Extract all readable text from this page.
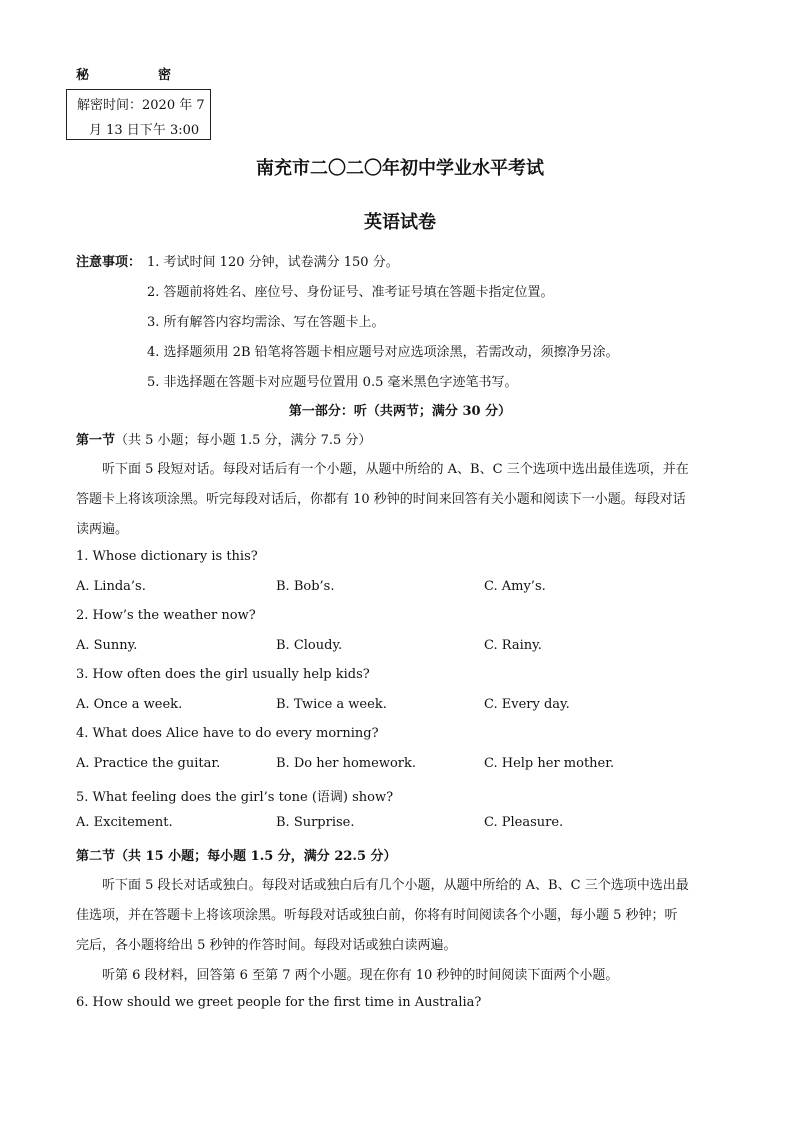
秘	密
解密时间：2020 年 7
月 13 日下午 3:00
南充市二〇二〇年初中学业水平考试
英语试卷
注意事项： 1. 考试时间 120 分钟，试卷满分 150 分。
2. 答题前将姓名、座位号、身份证号、准考证号填在答题卡指定位置。
3. 所有解答内容均需涂、写在答题卡上。
4. 选择题须用 2B 铅笔将答题卡相应题号对应选项涂黑，若需改动，须擦净另涂。
5. 非选择题在答题卡对应题号位置用 0.5 毫米黑色字迹笔书写。
第一部分：听（共两节；满分 30 分）
第一节（共 5 小题；每小题 1.5 分，满分 7.5 分）
听下面 5 段短对话。每段对话后有一个小题，从题中所给的 A、B、C 三个选项中选出最佳选项，并在
答题卡上将该项涂黑。听完每段对话后，你都有 10 秒钟的时间来回答有关小题和阅读下一小题。每段对话
读两遍。
1. Whose dictionary is this?
A. Linda’s.	B. Bob’s.	C. Amy’s.
2. How’s the weather now?
A. Sunny.	B. Cloudy.	C. Rainy.
3. How often does the girl usually help kids?
A. Once a week.	B. Twice a week.	C. Every day.
4. What does Alice have to do every morning?
A. Practice the guitar.	B. Do her homework.	C. Help her mother.
5. What feeling does the girl’s tone (语调) show?
A. Excitement.	B. Surprise.	C. Pleasure.
第二节（共 15 小题；每小题 1.5 分，满分 22.5 分）
听下面 5 段长对话或独白。每段对话或独白后有几个小题，从题中所给的 A、B、C 三个选项中选出最
佳选项，并在答题卡上将该项涂黑。听每段对话或独白前，你将有时间阅读各个小题，每小题 5 秒钟；听
完后，各小题将给出 5 秒钟的作答时间。每段对话或独白读两遍。
听第 6 段材料，回答第 6 至第 7 两个小题。现在你有 10 秒钟的时间阅读下面两个小题。
6. How should we greet people for the first time in Australia?
